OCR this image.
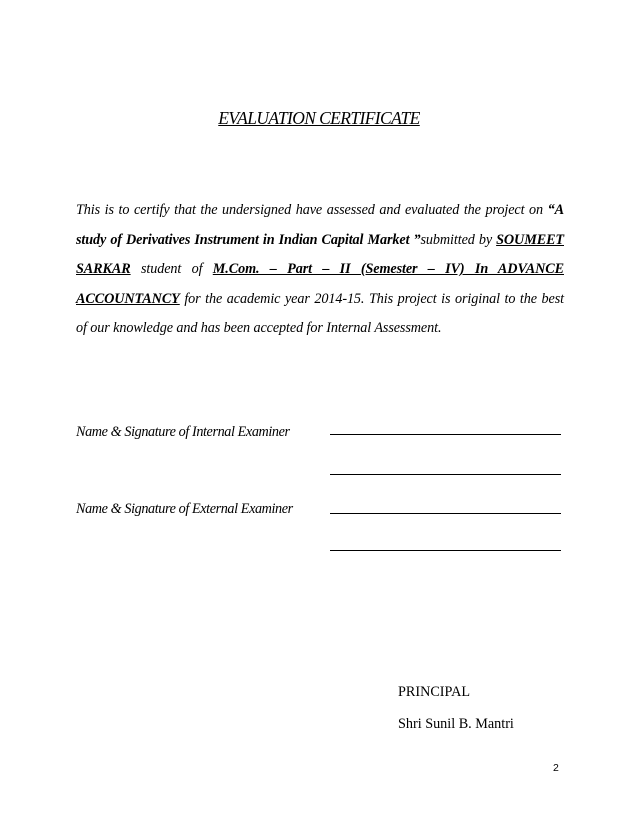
EVALUATION CERTIFICATE
This is to certify that the undersigned have assessed and evaluated the project on “A study of Derivatives Instrument in Indian Capital Market ”submitted by SOUMEET SARKAR student of M.Com. – Part – II (Semester – IV) In ADVANCE ACCOUNTANCY for the academic year 2014-15. This project is original to the best of our knowledge and has been accepted for Internal Assessment.
Name & Signature of Internal Examiner
Name & Signature of External Examiner
PRINCIPAL
Shri Sunil B. Mantri
2
